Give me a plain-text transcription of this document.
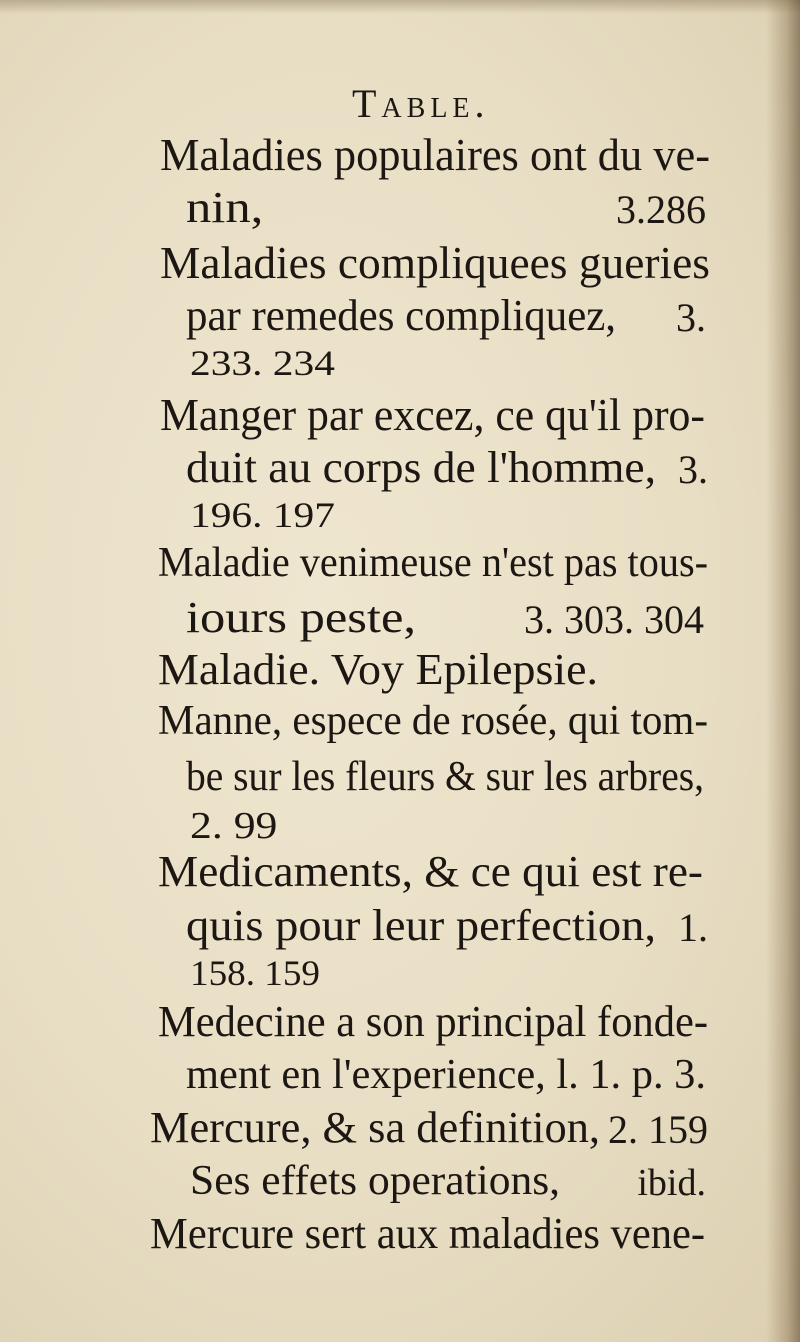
Table.
Maladies populaires ont du ve-
nin,	3.286
Maladies compliquees gueries
par remedes compliquez, 3.
233. 234
Manger par excez, ce qu'il pro-
duit au corps de l'homme, 3.
196. 197
Maladie venimeuse n'est pas tous-
iours peste,	3. 303. 304
Maladie. Voy Epilepsie.
Manne, espece de rosée, qui tom-
be sur les fleurs & sur les arbres,
2. 99
Medicaments, & ce qui est re-
quis pour leur perfection, 1.
158. 159
Medecine a son principal fonde-
ment en l'experience, l. 1. p. 3.
Mercure, & sa definition, 2. 159
Ses effets operations, ibid.
Mercure sert aux maladies vene-
